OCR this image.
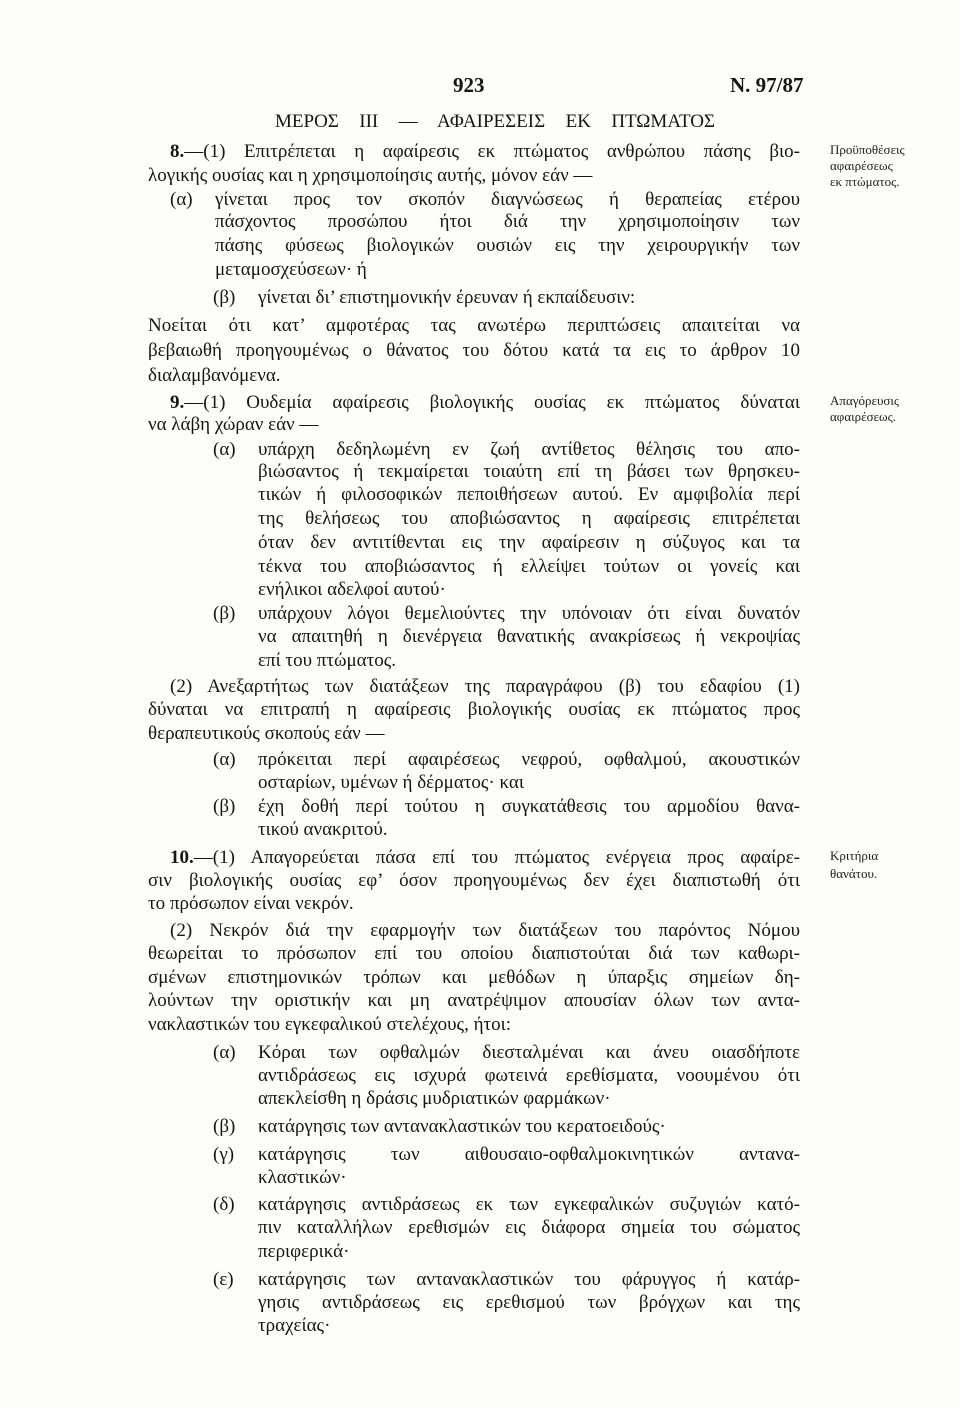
923	Ν. 97/87
ΜΕΡΟΣ ΙΙΙ — ΑΦΑΙΡΕΣΕΙΣ ΕΚ ΠΤΩΜΑΤΟΣ
8.—(1) Επιτρέπεται η αφαίρεσις εκ πτώματος ανθρώπου πάσης βιο-
λογικής ουσίας και η χρησιμοποίησις αυτής, μόνον εάν —
(α) γίνεται προς τον σκοπόν διαγνώσεως ή θεραπείας ετέρου
πάσχοντος προσώπου ήτοι διά την χρησιμοποίησιν των
πάσης φύσεως βιολογικών ουσιών εις την χειρουργικήν των
μεταμοσχεύσεων· ή
(β) γίνεται δι’ επιστημονικήν έρευναν ή εκπαίδευσιν:
Νοείται ότι κατ’ αμφοτέρας τας ανωτέρω περιπτώσεις απαιτείται να
βεβαιωθή προηγουμένως ο θάνατος του δότου κατά τα εις το άρθρον 10
διαλαμβανόμενα.
Προϋποθέσεις
αφαιρέσεως
εκ πτώματος.
9.—(1) Ουδεμία αφαίρεσις βιολογικής ουσίας εκ πτώματος δύναται
να λάβη χώραν εάν —
(α) υπάρχη δεδηλωμένη εν ζωή αντίθετος θέλησις του απο-
βιώσαντος ή τεκμαίρεται τοιαύτη επί τη βάσει των θρησκευ-
τικών ή φιλοσοφικών πεποιθήσεων αυτού. Εν αμφιβολία περί
της θελήσεως του αποβιώσαντος η αφαίρεσις επιτρέπεται
όταν δεν αντιτίθενται εις την αφαίρεσιν η σύζυγος και τα
τέκνα του αποβιώσαντος ή ελλείψει τούτων οι γονείς και
ενήλικοι αδελφοί αυτού·
(β) υπάρχουν λόγοι θεμελιούντες την υπόνοιαν ότι είναι δυνατόν
να απαιτηθή η διενέργεια θανατικής ανακρίσεως ή νεκροψίας
επί του πτώματος.
(2) Ανεξαρτήτως των διατάξεων της παραγράφου (β) του εδαφίου (1)
δύναται να επιτραπή η αφαίρεσις βιολογικής ουσίας εκ πτώματος προς
θεραπευτικούς σκοπούς εάν —
(α) πρόκειται περί αφαιρέσεως νεφρού, οφθαλμού, ακουστικών
οσταρίων, υμένων ή δέρματος· και
(β) έχη δοθή περί τούτου η συγκατάθεσις του αρμοδίου θανα-
τικού ανακριτού.
Απαγόρευσις
αφαιρέσεως.
10.—(1) Απαγορεύεται πάσα επί του πτώματος ενέργεια προς αφαίρε-
σιν βιολογικής ουσίας εφ’ όσον προηγουμένως δεν έχει διαπιστωθή ότι
το πρόσωπον είναι νεκρόν.
(2) Νεκρόν διά την εφαρμογήν των διατάξεων του παρόντος Νόμου
θεωρείται το πρόσωπον επί του οποίου διαπιστούται διά των καθωρι-
σμένων επιστημονικών τρόπων και μεθόδων η ύπαρξις σημείων δη-
λούντων την οριστικήν και μη ανατρέψιμον απουσίαν όλων των αντα-
νακλαστικών του εγκεφαλικού στελέχους, ήτοι:
(α) Κόραι των οφθαλμών διεσταλμέναι και άνευ οιασδήποτε
αντιδράσεως εις ισχυρά φωτεινά ερεθίσματα, νοουμένου ότι
απεκλείσθη η δράσις μυδριατικών φαρμάκων·
(β) κατάργησις των αντανακλαστικών του κερατοειδούς·
(γ) κατάργησις των αιθουσαιο-οφθαλμοκινητικών αντανα-
κλαστικών·
(δ) κατάργησις αντιδράσεως εκ των εγκεφαλικών συζυγιών κατό-
πιν καταλλήλων ερεθισμών εις διάφορα σημεία του σώματος
περιφερικά·
(ε) κατάργησις των αντανακλαστικών του φάρυγγος ή κατάρ-
γησις αντιδράσεως εις ερεθισμού των βρόγχων και της
τραχείας·
Κριτήρια
θανάτου.
